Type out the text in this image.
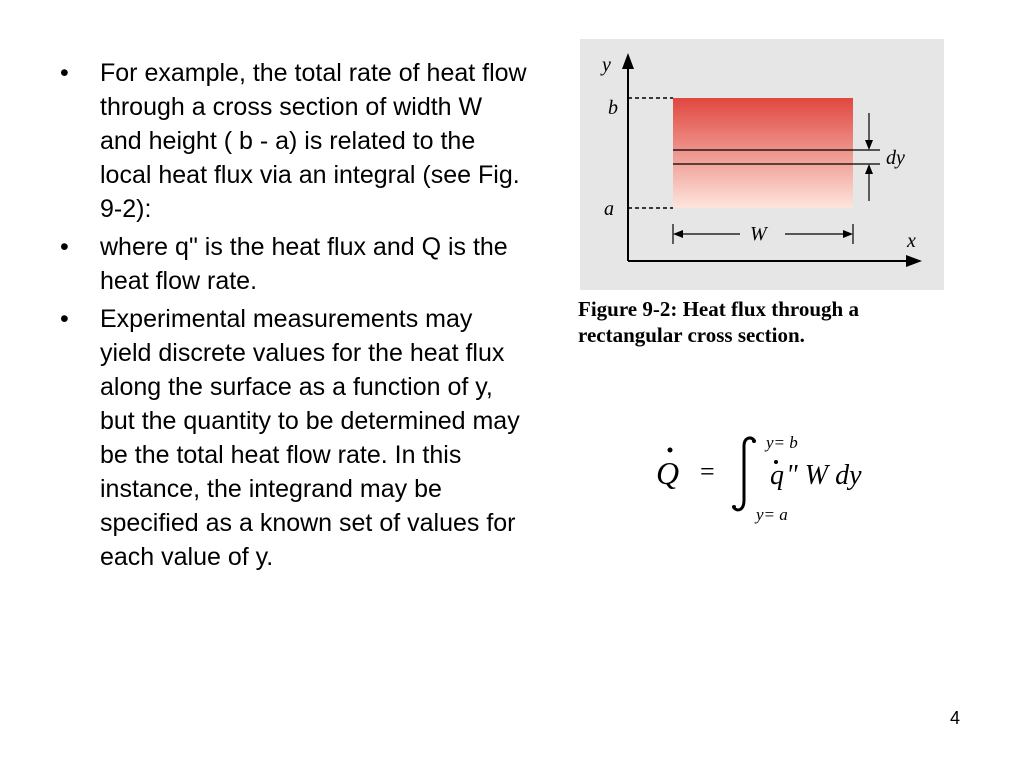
•	For example, the total rate of heat flow through a cross section of width W and height ( b - a) is related to the local heat flux via an integral (see Fig. 9-2):
•	where q" is the heat flux and Q is the heat flow rate.
•	Experimental measurements may yield discrete values for the heat flux along the surface as a function of y, but the quantity to be determined may be the total heat flow rate. In this instance, the integrand may be specified as a known set of values for each value of y.
y
b
a
dy
W	x
Figure 9-2: Heat flux through a rectangular cross section.
Q =
y= b
y= a
q " W dy
4
